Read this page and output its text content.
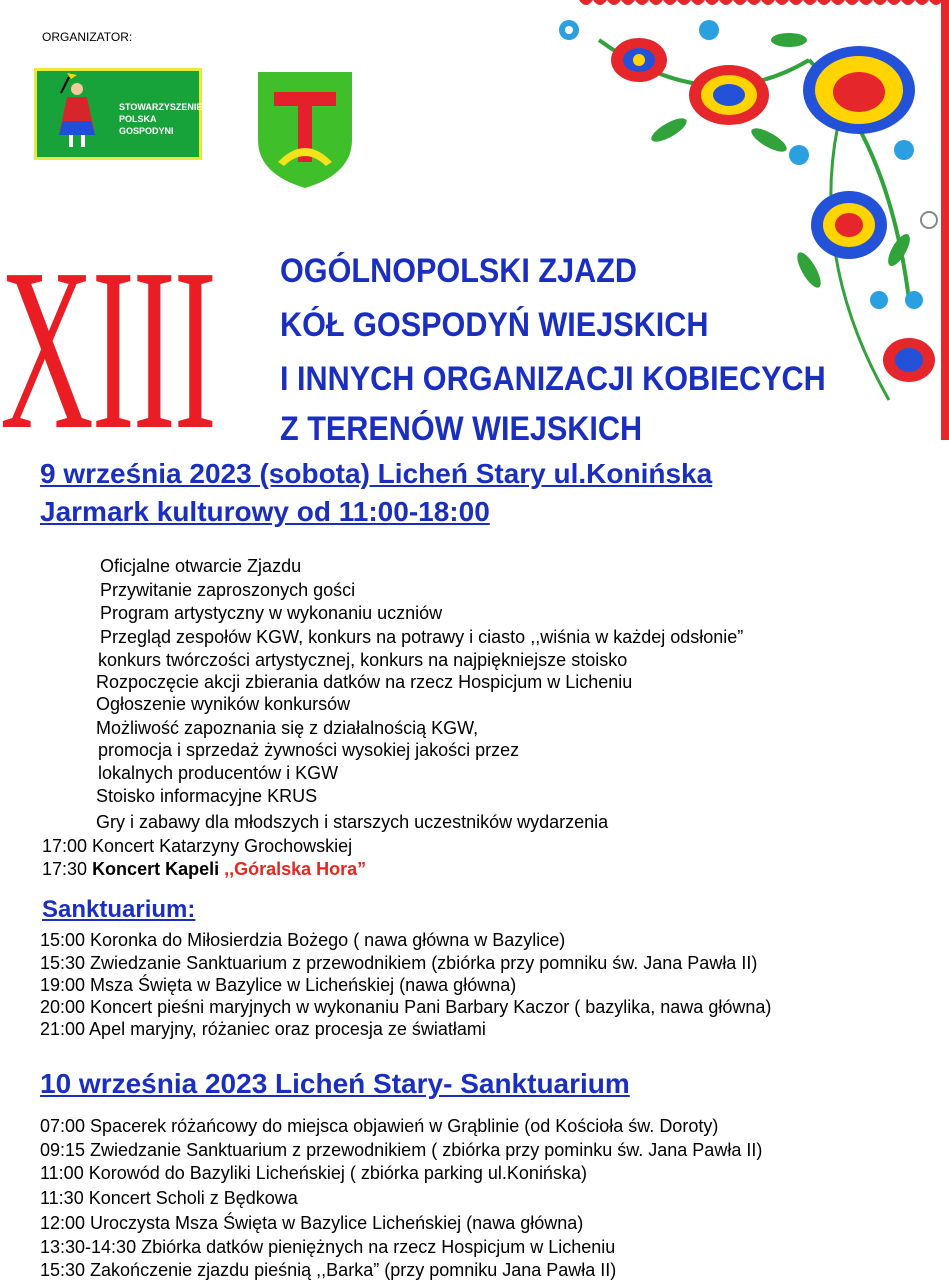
ORGANIZATOR:
STOWARZYSZENIE
POLSKA GOSPODYNI
XIII OGÓLNOPOLSKI ZJAZD
KÓŁ GOSPODYŃ WIEJSKICH
I INNYCH ORGANIZACJI KOBIECYCH
Z TERENÓW WIEJSKICH
9 września 2023 (sobota) Licheń Stary ul.Konińska
Jarmark kulturowy od 11:00-18:00
Oficjalne otwarcie Zjazdu
Przywitanie zaproszonych gości
Program artystyczny w wykonaniu uczniów
Przegląd zespołów KGW, konkurs na potrawy i ciasto ,,wiśnia w każdej odsłonie”
konkurs twórczości artystycznej, konkurs na najpiękniejsze stoisko
Rozpoczęcie akcji zbierania datków na rzecz Hospicjum w Licheniu
Ogłoszenie wyników konkursów
Możliwość zapoznania się z działalnością KGW,
promocja i sprzedaż żywności wysokiej jakości przez
lokalnych producentów i KGW
Stoisko informacyjne KRUS
Gry i zabawy dla młodszych i starszych uczestników wydarzenia
17:00 Koncert Katarzyny Grochowskiej
17:30 Koncert Kapeli ,,Góralska Hora”
Sanktuarium:
15:00 Koronka do Miłosierdzia Bożego ( nawa główna w Bazylice)
15:30 Zwiedzanie Sanktuarium z przewodnikiem (zbiórka przy pomniku św. Jana Pawła II)
19:00 Msza Święta w Bazylice w Licheńskiej (nawa główna)
20:00 Koncert pieśni maryjnych w wykonaniu Pani Barbary Kaczor ( bazylika, nawa główna)
21:00 Apel maryjny, różaniec oraz procesja ze światłami
10 września 2023 Licheń Stary- Sanktuarium
07:00 Spacerek różańcowy do miejsca objawień w Grąblinie (od Kościoła św. Doroty)
09:15 Zwiedzanie Sanktuarium z przewodnikiem ( zbiórka przy pominku św. Jana Pawła II)
11:00 Korowód do Bazyliki Licheńskiej ( zbiórka parking ul.Konińska)
11:30 Koncert Scholi z Będkowa
12:00 Uroczysta Msza Święta w Bazylice Licheńskiej (nawa główna)
13:30-14:30 Zbiórka datków pieniężnych na rzecz Hospicjum w Licheniu
15:30 Zakończenie zjazdu pieśnią ,,Barka” (przy pomniku Jana Pawła II)
